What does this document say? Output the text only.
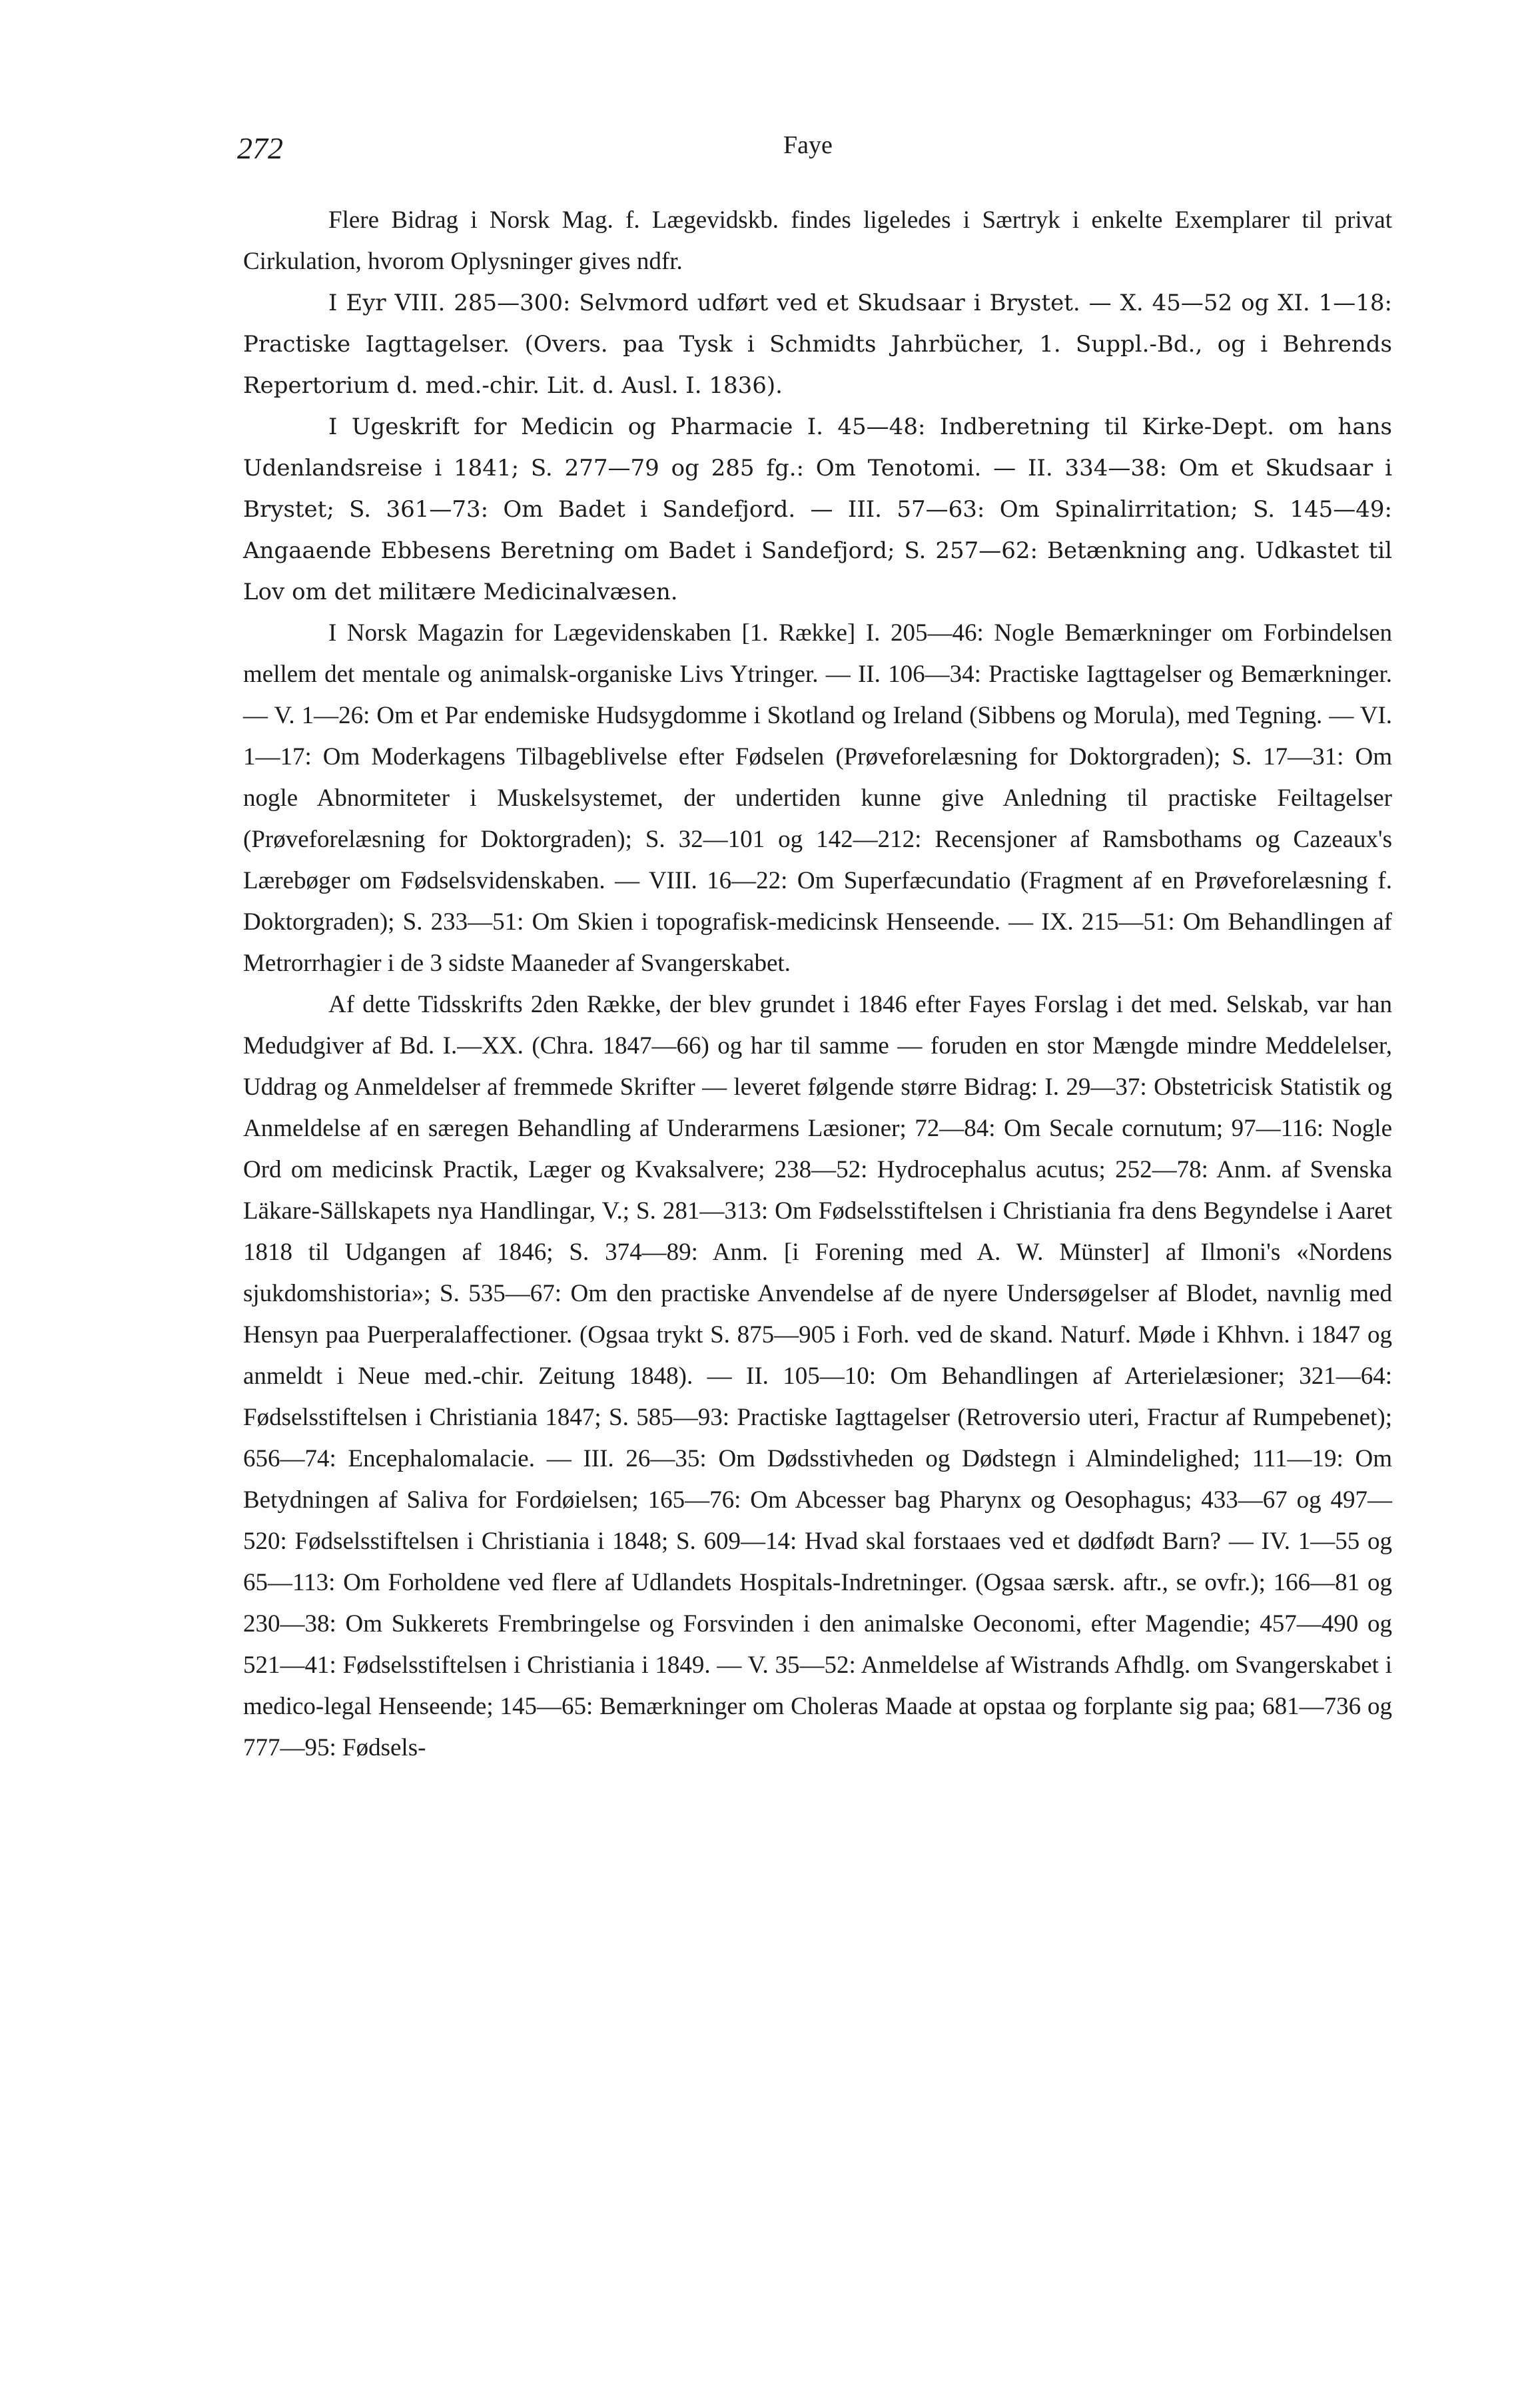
272	Faye

Flere Bidrag i Norsk Mag. f. Lægevidskb. findes ligeledes i Særtryk i enkelte Exemplarer til privat Cirkulation, hvorom Oplysninger gives ndfr.

I Eyr VIII. 285—300: Selvmord udført ved et Skudsaar i Brystet. — X. 45—52 og XI. 1—18: Practiske Iagttagelser. (Overs. paa Tysk i Schmidts Jahrbücher, 1. Suppl.-Bd., og i Behrends Repertorium d. med.-chir. Lit. d. Ausl. I. 1836).

I Ugeskrift for Medicin og Pharmacie I. 45—48: Indberetning til Kirke-Dept. om hans Udenlandsreise i 1841; S. 277—79 og 285 fg.: Om Tenotomi. — II. 334—38: Om et Skudsaar i Brystet; S. 361—73: Om Badet i Sandefjord. — III. 57—63: Om Spinalirritation; S. 145—49: Angaaende Ebbesens Beretning om Badet i Sandefjord; S. 257—62: Betænkning ang. Udkastet til Lov om det militære Medicinalvæsen.

I Norsk Magazin for Lægevidenskaben [1. Række] I. 205—46: Nogle Bemærkninger om Forbindelsen mellem det mentale og animalsk-organiske Livs Ytringer. — II. 106—34: Practiske Iagttagelser og Bemærkninger. — V. 1—26: Om et Par endemiske Hudsygdomme i Skotland og Ireland (Sibbens og Morula), med Tegning. — VI. 1—17: Om Moderkagens Tilbageblivelse efter Fødselen (Prøveforelæsning for Doktorgraden); S. 17—31: Om nogle Abnormiteter i Muskelsystemet, der undertiden kunne give Anledning til practiske Feiltagelser (Prøveforelæsning for Doktorgraden); S. 32—101 og 142—212: Recensjoner af Ramsbothams og Cazeaux's Lærebøger om Fødselsvidenskaben. — VIII. 16—22: Om Superfæcundatio (Fragment af en Prøveforelæsning f. Doktorgraden); S. 233—51: Om Skien i topografisk-medicinsk Henseende. — IX. 215—51: Om Behandlingen af Metrorrhagier i de 3 sidste Maaneder af Svangerskabet.

Af dette Tidsskrifts 2den Række, der blev grundet i 1846 efter Fayes Forslag i det med. Selskab, var han Medudgiver af Bd. I.—XX. (Chra. 1847—66) og har til samme — foruden en stor Mængde mindre Meddelelser, Uddrag og Anmeldelser af fremmede Skrifter — leveret følgende større Bidrag: I. 29—37: Obstetricisk Statistik og Anmeldelse af en særegen Behandling af Underarmens Læsioner; 72—84: Om Secale cornutum; 97—116: Nogle Ord om medicinsk Practik, Læger og Kvaksalvere; 238—52: Hydrocephalus acutus; 252—78: Anm. af Svenska Läkare-Sällskapets nya Handlingar, V.; S. 281—313: Om Fødselsstiftelsen i Christiania fra dens Begyndelse i Aaret 1818 til Udgangen af 1846; S. 374—89: Anm. [i Forening med A. W. Münster] af Ilmoni's «Nordens sjukdomshistoria»; S. 535—67: Om den practiske Anvendelse af de nyere Undersøgelser af Blodet, navnlig med Hensyn paa Puerperalaffectioner. (Ogsaa trykt S. 875—905 i Forh. ved de skand. Naturf. Møde i Khhvn. i 1847 og anmeldt i Neue med.-chir. Zeitung 1848). — II. 105—10: Om Behandlingen af Arterielæsioner; 321—64: Fødselsstiftelsen i Christiania 1847; S. 585—93: Practiske Iagttagelser (Retroversio uteri, Fractur af Rumpebenet); 656—74: Encephalomalacie. — III. 26—35: Om Dødsstivheden og Dødstegn i Almindelighed; 111—19: Om Betydningen af Saliva for Fordøielsen; 165—76: Om Abcesser bag Pharynx og Oesophagus; 433—67 og 497—520: Fødselsstiftelsen i Christiania i 1848; S. 609—14: Hvad skal forstaaes ved et dødfødt Barn? — IV. 1—55 og 65—113: Om Forholdene ved flere af Udlandets Hospitals-Indretninger. (Ogsaa særsk. aftr., se ovfr.); 166—81 og 230—38: Om Sukkerets Frembringelse og Forsvinden i den animalske Oeconomi, efter Magendie; 457—490 og 521—41: Fødselsstiftelsen i Christiania i 1849. — V. 35—52: Anmeldelse af Wistrands Afhdlg. om Svangerskabet i medico-legal Henseende; 145—65: Bemærkninger om Choleras Maade at opstaa og forplante sig paa; 681—736 og 777—95: Fødsels-
